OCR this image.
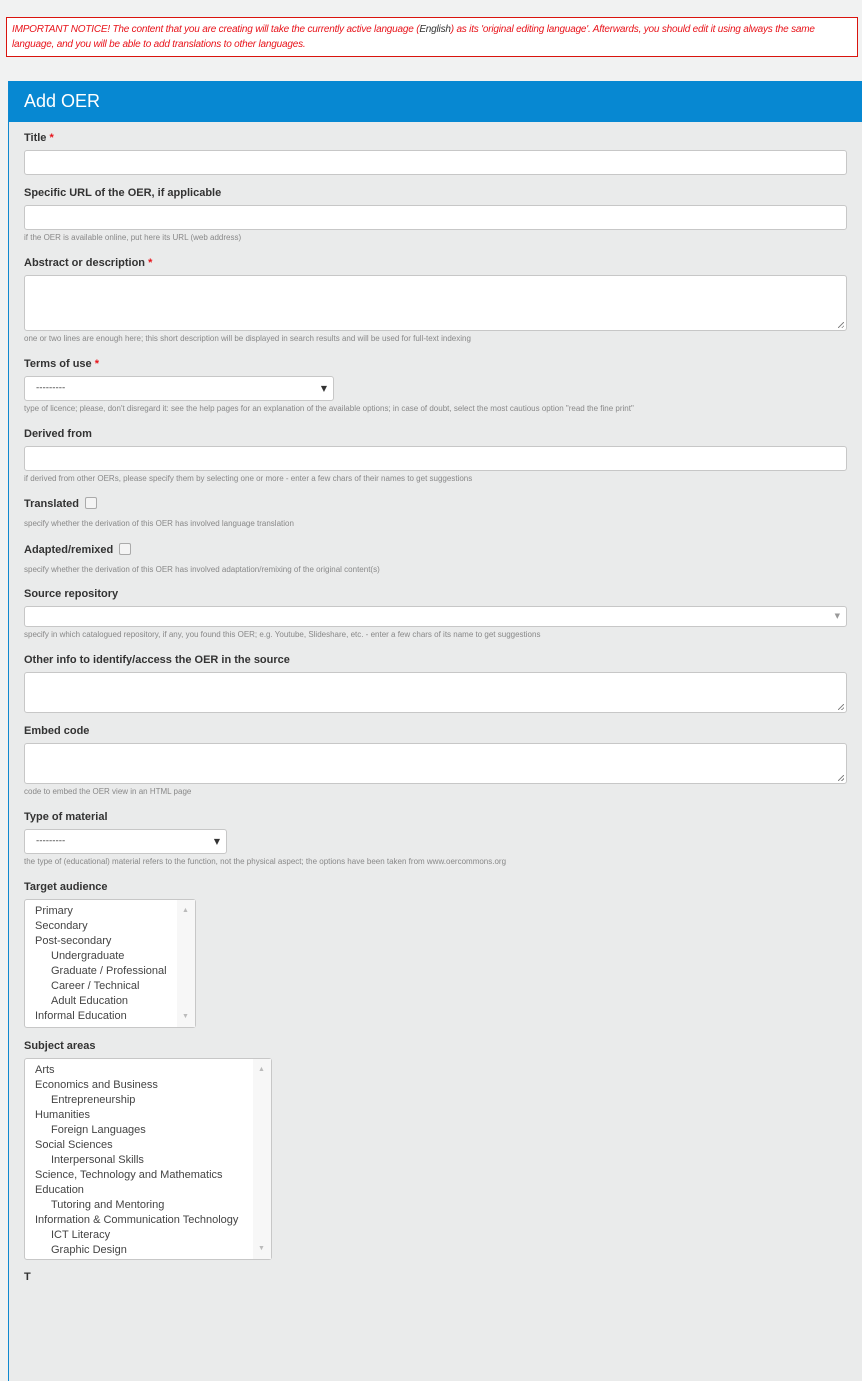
IMPORTANT NOTICE! The content that you are creating will take the currently active language (English) as its 'original editing language'. Afterwards, you should edit it using always the same language, and you will be able to add translations to other languages.
Add OER
Title *
Specific URL of the OER, if applicable
if the OER is available online, put here its URL (web address)
Abstract or description *
one or two lines are enough here; this short description will be displayed in search results and will be used for full-text indexing
Terms of use *
---------	▼
type of licence; please, don't disregard it: see the help pages for an explanation of the available options; in case of doubt, select the most cautious option "read the fine print"
Derived from
if derived from other OERs, please specify them by selecting one or more - enter a few chars of their names to get suggestions
Translated
specify whether the derivation of this OER has involved language translation
Adapted/remixed
specify whether the derivation of this OER has involved adaptation/remixing of the original content(s)
Source repository
▼
specify in which catalogued repository, if any, you found this OER; e.g. Youtube, Slideshare, etc. - enter a few chars of its name to get suggestions
Other info to identify/access the OER in the source
Embed code
code to embed the OER view in an HTML page
Type of material
---------	▼
the type of (educational) material refers to the function, not the physical aspect; the options have been taken from www.oercommons.org
Target audience
Primary
Secondary
Post-secondary
Undergraduate
Graduate / Professional
Career / Technical
Adult Education
Informal Education
▲
▼
Subject areas
Arts
Economics and Business
Entrepreneurship
Humanities
Foreign Languages
Social Sciences
Interpersonal Skills
Science, Technology and Mathematics
Education
Tutoring and Mentoring
Information & Communication Technology
ICT Literacy
Graphic Design
▲
▼
T
